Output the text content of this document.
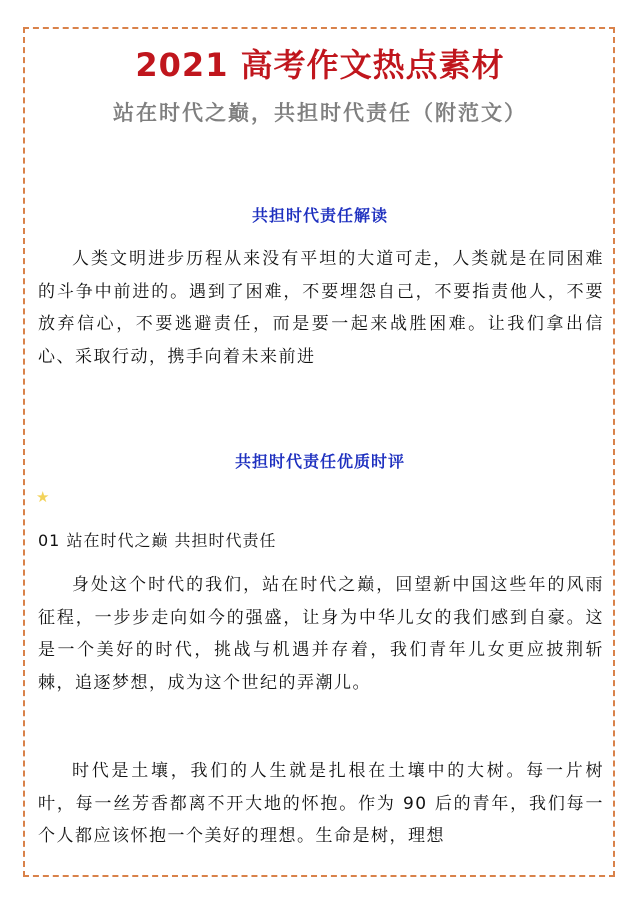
2021 高考作文热点素材
站在时代之巅，共担时代责任（附范文）
共担时代责任解读
人类文明进步历程从来没有平坦的大道可走，人类就是在同困难的斗争中前进的。遇到了困难，不要埋怨自己，不要指责他人，不要放弃信心，不要逃避责任，而是要一起来战胜困难。让我们拿出信心、采取行动，携手向着未来前进
共担时代责任优质时评
★
01 站在时代之巅 共担时代责任
身处这个时代的我们，站在时代之巅，回望新中国这些年的风雨征程，一步步走向如今的强盛，让身为中华儿女的我们感到自豪。这是一个美好的时代，挑战与机遇并存着，我们青年儿女更应披荆斩棘，追逐梦想，成为这个世纪的弄潮儿。
时代是土壤，我们的人生就是扎根在土壤中的大树。每一片树叶，每一丝芳香都离不开大地的怀抱。作为 90 后的青年，我们每一个人都应该怀抱一个美好的理想。生命是树，理想
